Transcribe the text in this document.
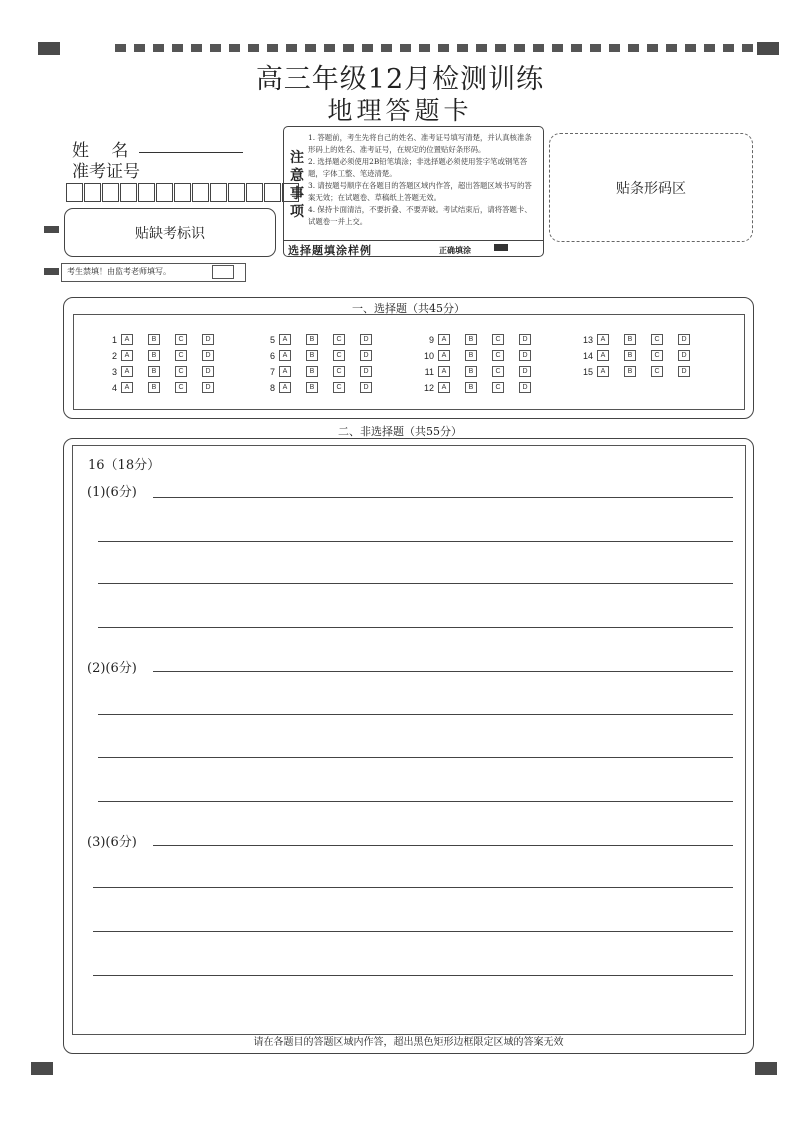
高三年级12月检测训练
地理答题卡
姓　 名
准考证号
贴缺考标识
考生禁填！由监考老师填写。
注
意
事
项

1. 答题前，考生先将自己的姓名、准考证号填写清楚，并认真核准条形码上的姓名、准考证号，在规定的位置贴好条形码。

2. 选择题必须使用2B铅笔填涂；非选择题必须使用签字笔或钢笔答题，字体工整、笔迹清楚。

3. 请按题号顺序在各题目的答题区域内作答，超出答题区域书写的答案无效；在试题卷、草稿纸上答题无效。

4. 保持卡面清洁，不要折叠、不要弄破。考试结束后，请将答题卡、试题卷一并上交。

选择题填涂样例	正确填涂
贴条形码区
一、选择题（共45分）
1	A	B	C	D
2	A	B	C	D
3	A	B	C	D
4	A	B	C	D
5	A	B	C	D
6	A	B	C	D
7	A	B	C	D
8	A	B	C	D
9	A	B	C	D
10	A	B	C	D
11	A	B	C	D
12	A	B	C	D
13	A	B	C	D
14	A	B	C	D
15	A	B	C	D
二、非选择题（共55分）
16（18分）
(1)(6分)
(2)(6分)
(3)(6分)
请在各题目的答题区域内作答，超出黑色矩形边框限定区域的答案无效
